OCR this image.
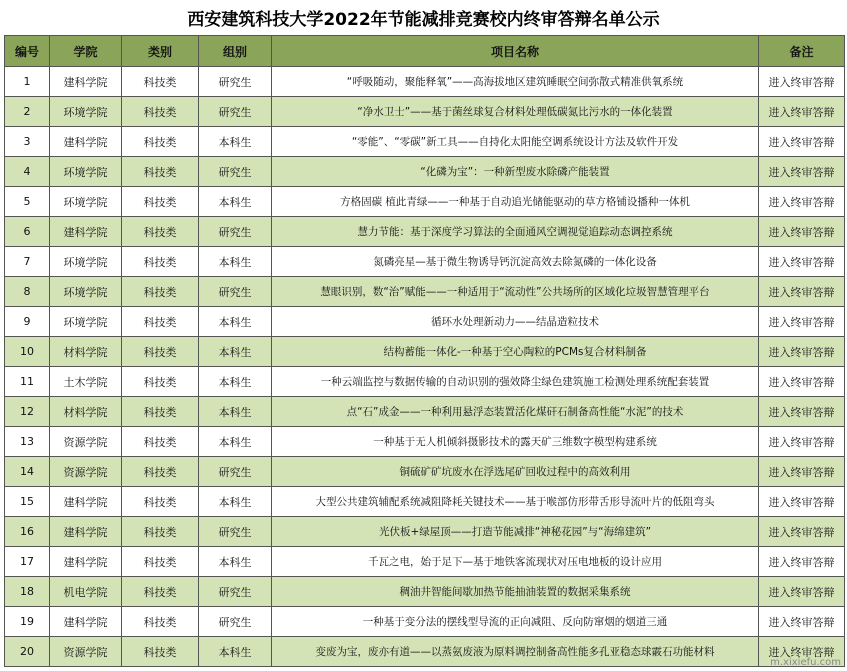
西安建筑科技大学2022年节能减排竞赛校内终审答辩名单公示
编号	学院	类别	组别	项目名称	备注
1	建科学院	科技类	研究生	“呼吸随动，聚能释氧”——高海拔地区建筑睡眠空间弥散式精准供氧系统	进入终审答辩
2	环境学院	科技类	研究生	“净水卫士”——基于菌丝球复合材料处理低碳氮比污水的一体化装置	进入终审答辩
3	建科学院	科技类	本科生	“零能”、“零碳”新工具——自持化太阳能空调系统设计方法及软件开发	进入终审答辩
4	环境学院	科技类	研究生	“化磷为宝”：一种新型废水除磷产能装置	进入终审答辩
5	环境学院	科技类	本科生	方格固碳 植此青绿——一种基于自动追光储能驱动的草方格铺设播种一体机	进入终审答辩
6	建科学院	科技类	研究生	慧力节能：基于深度学习算法的全面通风空调视觉追踪动态调控系统	进入终审答辩
7	环境学院	科技类	本科生	氮磷亮星—基于微生物诱导钙沉淀高效去除氮磷的一体化设备	进入终审答辩
8	环境学院	科技类	研究生	慧眼识别，数“治”赋能——一种适用于“流动性”公共场所的区域化垃圾智慧管理平台	进入终审答辩
9	环境学院	科技类	本科生	循环水处理新动力——结晶造粒技术	进入终审答辩
10	材料学院	科技类	本科生	结构蓄能一体化-一种基于空心陶粒的PCMs复合材料制备	进入终审答辩
11	土木学院	科技类	本科生	一种云端监控与数据传输的自动识别的强效降尘绿色建筑施工检测处理系统配套装置	进入终审答辩
12	材料学院	科技类	本科生	点“石”成金——一种利用悬浮态装置活化煤矸石制备高性能“水泥”的技术	进入终审答辩
13	资源学院	科技类	本科生	一种基于无人机倾斜摄影技术的露天矿三维数字模型构建系统	进入终审答辩
14	资源学院	科技类	研究生	铜硫矿矿坑废水在浮选尾矿回收过程中的高效利用	进入终审答辩
15	建科学院	科技类	本科生	大型公共建筑辅配系统减阻降耗关键技术——基于喉部仿形带舌形导流叶片的低阻弯头	进入终审答辩
16	建科学院	科技类	研究生	光伏板+绿屋顶——打造节能减排“神秘花园”与“海绵建筑”	进入终审答辩
17	建科学院	科技类	本科生	千瓦之电，始于足下—基于地铁客流现状对压电地板的设计应用	进入终审答辩
18	机电学院	科技类	研究生	稠油井智能间歇加热节能抽油装置的数据采集系统	进入终审答辩
19	建科学院	科技类	研究生	一种基于变分法的摆线型导流的正向减阻、反向防窜烟的烟道三通	进入终审答辩
20	资源学院	科技类	本科生	变废为宝，废亦有道——以蒸氨废液为原料调控制备高性能多孔亚稳态球霰石功能材料	进入终审答辩
m.xixiefu.com
